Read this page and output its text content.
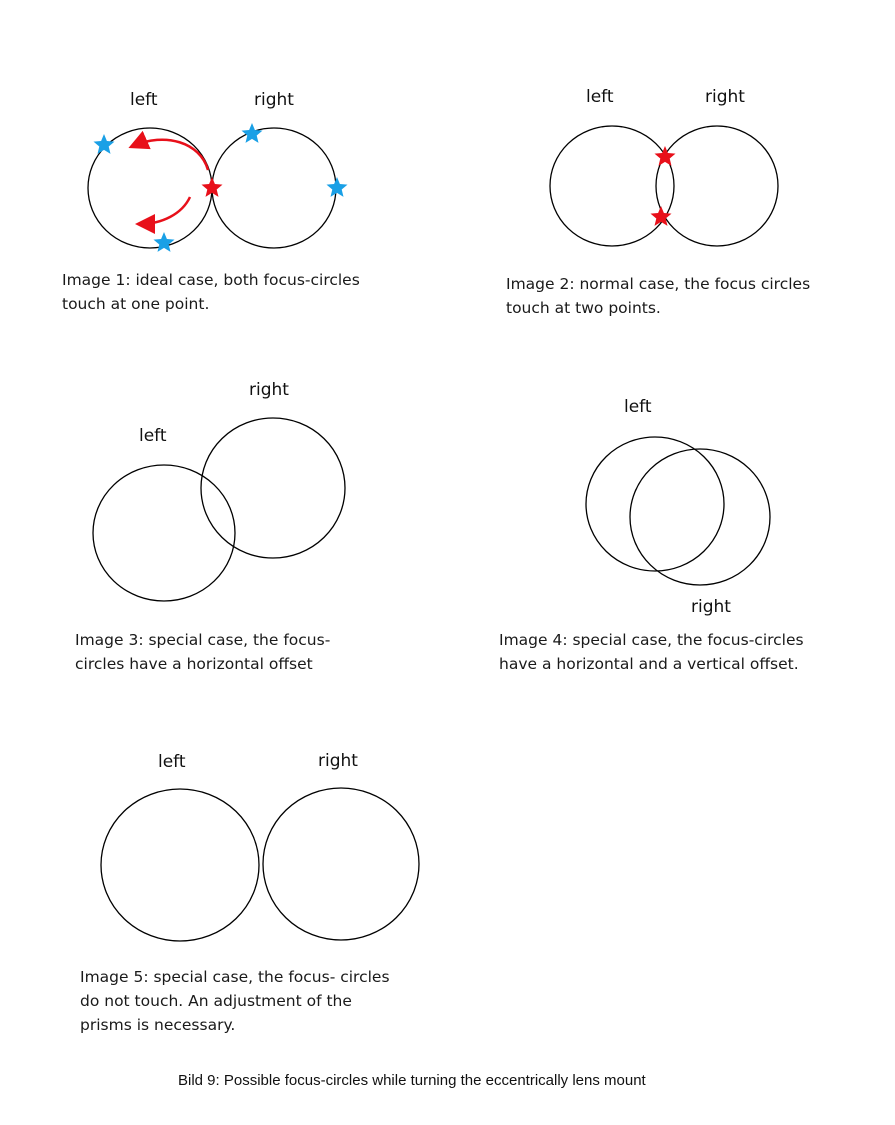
left	right
Image 1: ideal case, both focus-circles touch at one point.
left	right
Image 2: normal case, the focus circles touch at two points.
right
left
Image 3: special case, the focus-circles have a horizontal offset
left
right
Image 4: special case, the focus-circles have a horizontal and a vertical offset.
left	right
Image 5: special case, the focus- circles do not touch. An adjustment of the prisms is necessary.
Bild 9: Possible focus-circles while turning the eccentrically lens mount
